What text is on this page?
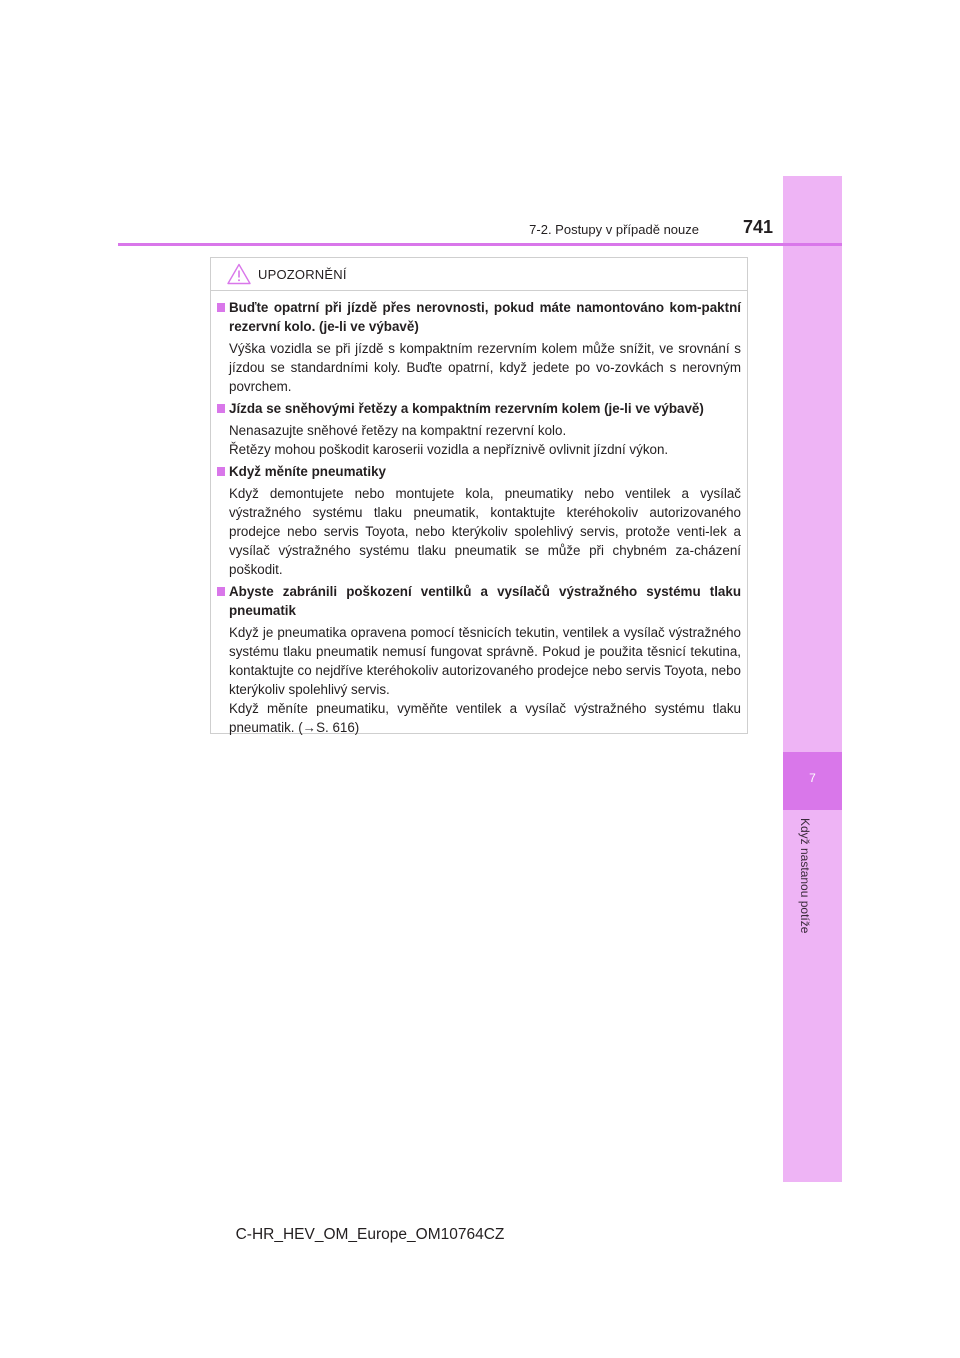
7
Když nastanou potíže
7-2. Postupy v případě nouze	741
UPOZORNĚNÍ
Buďte opatrní při jízdě přes nerovnosti, pokud máte namontováno kom-paktní rezervní kolo. (je-li ve výbavě)

Výška vozidla se při jízdě s kompaktním rezervním kolem může snížit, ve srovnání s jízdou se standardními koly. Buďte opatrní, když jedete po vo-zovkách s nerovným povrchem.

Jízda se sněhovými řetězy a kompaktním rezervním kolem (je-li ve výbavě)

Nenasazujte sněhové řetězy na kompaktní rezervní kolo.

Řetězy mohou poškodit karoserii vozidla a nepříznivě ovlivnit jízdní výkon.

Když měníte pneumatiky

Když demontujete nebo montujete kola, pneumatiky nebo ventilek a vysílač výstražného systému tlaku pneumatik, kontaktujte kteréhokoliv autorizovaného prodejce nebo servis Toyota, nebo kterýkoliv spolehlivý servis, protože venti-lek a vysílač výstražného systému tlaku pneumatik se může při chybném za-cházení poškodit.

Abyste zabránili poškození ventilků a vysílačů výstražného systému tlaku pneumatik

Když je pneumatika opravena pomocí těsnicích tekutin, ventilek a vysílač výstražného systému tlaku pneumatik nemusí fungovat správně. Pokud je použita těsnicí tekutina, kontaktujte co nejdříve kteréhokoliv autorizovaného prodejce nebo servis Toyota, nebo kterýkoliv spolehlivý servis.

Když měníte pneumatiku, vyměňte ventilek a vysílač výstražného systému tlaku pneumatik. (→S. 616)

C-HR_HEV_OM_Europe_OM10764CZ
